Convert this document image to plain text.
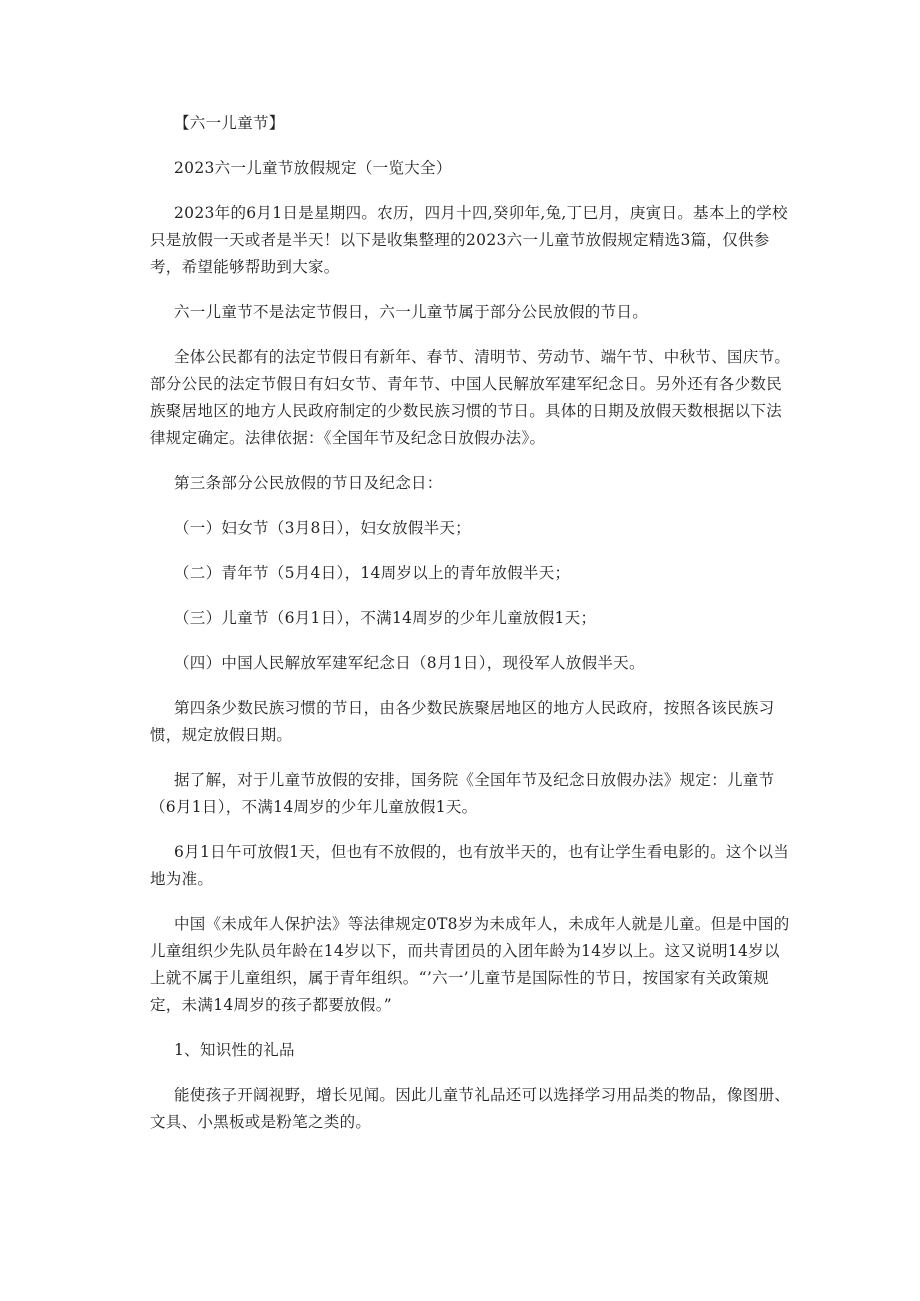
【六一儿童节】

2023六一儿童节放假规定（一览大全）

2023年的6月1日是星期四。农历，四月十四,癸卯年,兔,丁巳月，庚寅日。基本上的学校只是放假一天或者是半天！以下是收集整理的2023六一儿童节放假规定精选3篇，仅供参考，希望能够帮助到大家。

六一儿童节不是法定节假日，六一儿童节属于部分公民放假的节日。

全体公民都有的法定节假日有新年、春节、清明节、劳动节、端午节、中秋节、国庆节。部分公民的法定节假日有妇女节、青年节、中国人民解放军建军纪念日。另外还有各少数民族聚居地区的地方人民政府制定的少数民族习惯的节日。具体的日期及放假天数根据以下法律规定确定。法律依据：《全国年节及纪念日放假办法》。

第三条部分公民放假的节日及纪念日：

（一）妇女节（3月8日），妇女放假半天；

（二）青年节（5月4日），14周岁以上的青年放假半天；

（三）儿童节（6月1日），不满14周岁的少年儿童放假1天；

（四）中国人民解放军建军纪念日（8月1日），现役军人放假半天。

第四条少数民族习惯的节日，由各少数民族聚居地区的地方人民政府，按照各该民族习惯，规定放假日期。

据了解，对于儿童节放假的安排，国务院《全国年节及纪念日放假办法》规定：儿童节（6月1日），不满14周岁的少年儿童放假1天。

6月1日午可放假1天，但也有不放假的，也有放半天的，也有让学生看电影的。这个以当地为准。

中国《未成年人保护法》等法律规定0T8岁为未成年人，未成年人就是儿童。但是中国的儿童组织少先队员年龄在14岁以下，而共青团员的入团年龄为14岁以上。这又说明14岁以上就不属于儿童组织，属于青年组织。“’六一’儿童节是国际性的节日，按国家有关政策规定，未满14周岁的孩子都要放假。”

1、知识性的礼品

能使孩子开阔视野，增长见闻。因此儿童节礼品还可以选择学习用品类的物品，像图册、文具、小黑板或是粉笔之类的。
